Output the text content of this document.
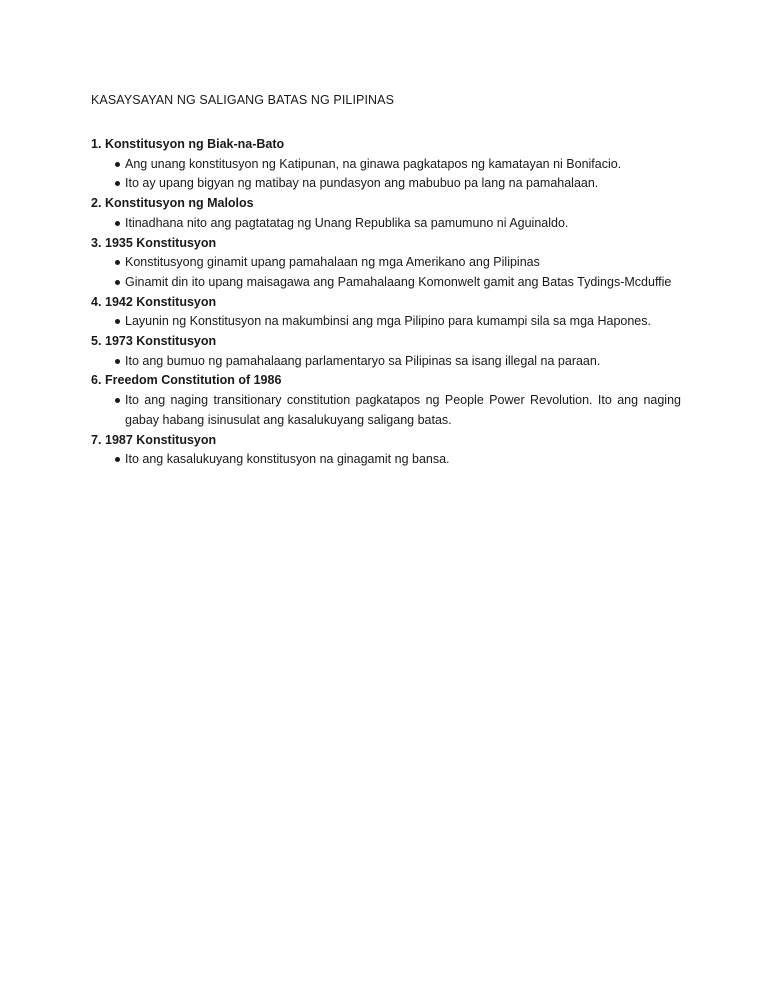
KASAYSAYAN NG SALIGANG BATAS NG PILIPINAS
1. Konstitusyon ng Biak-na-Bato
Ang unang konstitusyon ng Katipunan, na ginawa pagkatapos ng kamatayan ni Bonifacio.
Ito ay upang bigyan ng matibay na pundasyon ang mabubuo pa lang na pamahalaan.
2. Konstitusyon ng Malolos
Itinadhana nito ang pagtatatag ng Unang Republika sa pamumuno ni Aguinaldo.
3. 1935 Konstitusyon
Konstitusyong ginamit upang pamahalaan ng mga Amerikano ang Pilipinas
Ginamit din ito upang maisagawa ang Pamahalaang Komonwelt gamit ang Batas Tydings-Mcduffie
4. 1942 Konstitusyon
Layunin ng Konstitusyon na makumbinsi ang mga Pilipino para kumampi sila sa mga Hapones.
5. 1973 Konstitusyon
Ito ang bumuo ng pamahalaang parlamentaryo sa Pilipinas sa isang illegal na paraan.
6. Freedom Constitution of 1986
Ito ang naging transitionary constitution pagkatapos ng People Power Revolution. Ito ang naging gabay habang isinusulat ang kasalukuyang saligang batas.
7. 1987 Konstitusyon
Ito ang kasalukuyang konstitusyon na ginagamit ng bansa.
